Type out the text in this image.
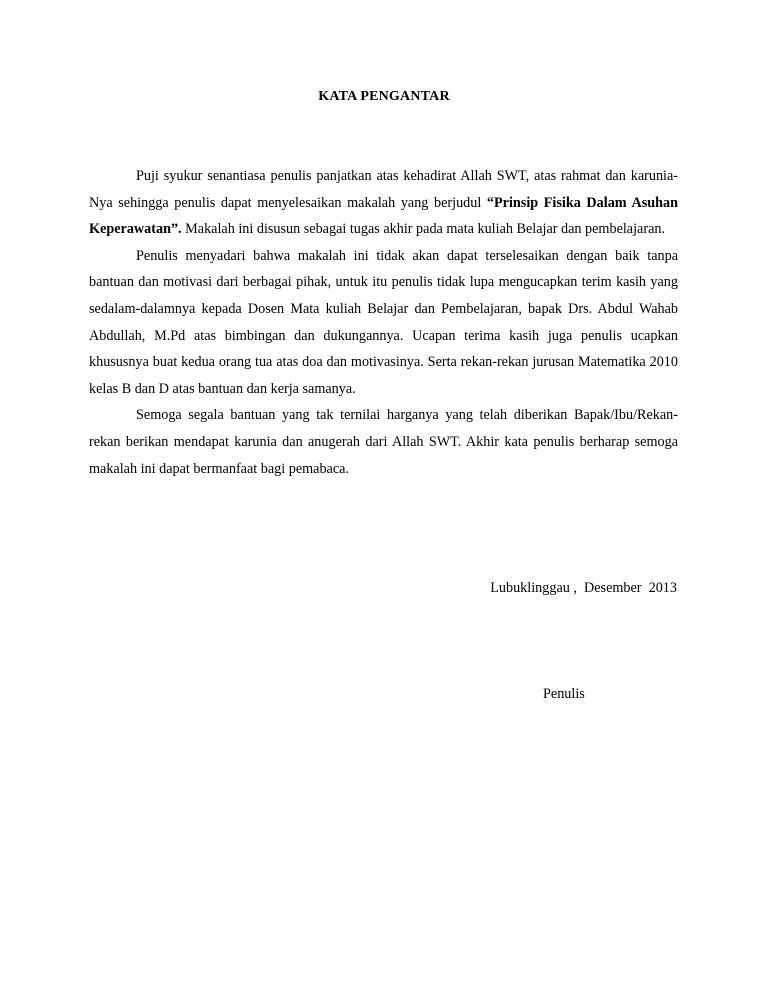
KATA PENGANTAR

Puji syukur senantiasa penulis panjatkan atas kehadirat Allah SWT, atas rahmat dan karunia-Nya sehingga penulis dapat menyelesaikan makalah yang berjudul “Prinsip Fisika Dalam Asuhan Keperawatan”. Makalah ini disusun sebagai tugas akhir pada mata kuliah Belajar dan pembelajaran.

Penulis menyadari bahwa makalah ini tidak akan dapat terselesaikan dengan baik tanpa bantuan dan motivasi dari berbagai pihak, untuk itu penulis tidak lupa mengucapkan terim kasih yang sedalam-dalamnya kepada Dosen Mata kuliah Belajar dan Pembelajaran, bapak Drs. Abdul Wahab Abdullah, M.Pd atas bimbingan dan dukungannya. Ucapan terima kasih juga penulis ucapkan khususnya buat kedua orang tua atas doa dan motivasinya. Serta rekan-rekan jurusan Matematika 2010 kelas B dan D atas bantuan dan kerja samanya.

Semoga segala bantuan yang tak ternilai harganya yang telah diberikan Bapak/Ibu/Rekan-rekan berikan mendapat karunia dan anugerah dari Allah SWT. Akhir kata penulis berharap semoga makalah ini dapat bermanfaat bagi pemabaca.

Lubuklinggau ,  Desember  2013
Penulis
